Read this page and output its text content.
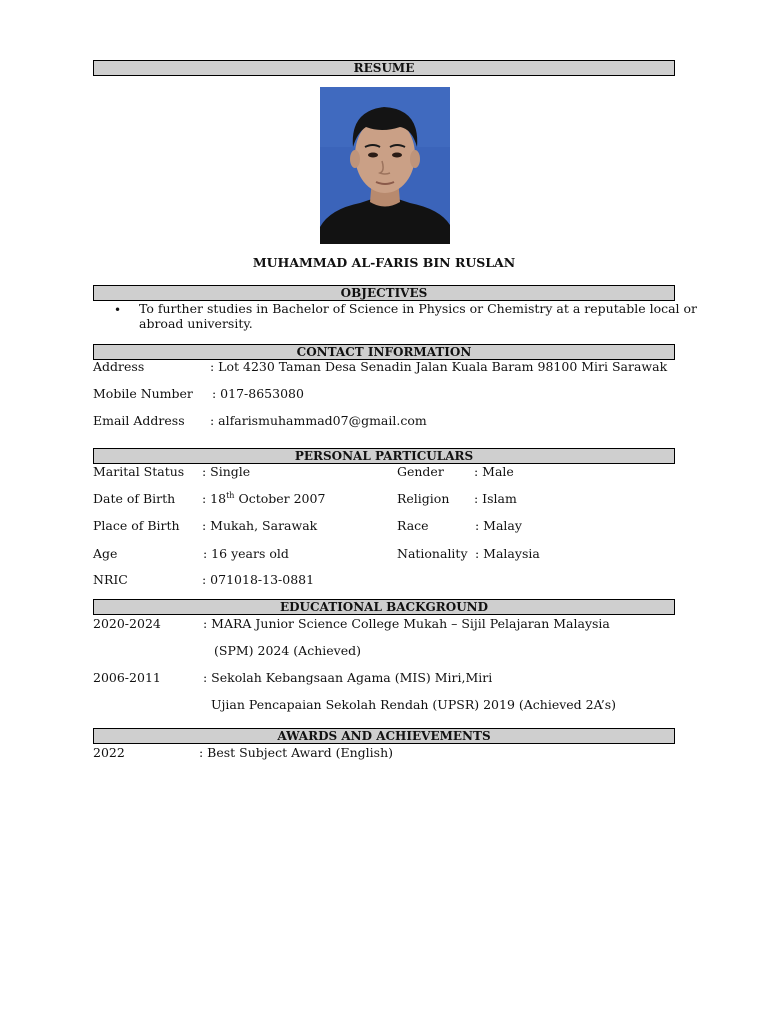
RESUME
MUHAMMAD AL-FARIS BIN RUSLAN
OBJECTIVES
• To further studies in Bachelor of Science in Physics or Chemistry at a reputable local or
abroad university.
CONTACT INFORMATION
Address	: Lot 4230 Taman Desa Senadin Jalan Kuala Baram 98100 Miri Sarawak
Mobile Number : 017-8653080
Email Address : alfarismuhammad07@gmail.com
PERSONAL PARTICULARS
Marital Status : Single	Gender : Male
Date of Birth : 18th October 2007	Religion : Islam
Place of Birth : Mukah, Sarawak	Race	: Malay
Age	: 16 years old	Nationality : Malaysia
NRIC	: 071018-13-0881
EDUCATIONAL BACKGROUND
2020-2024	: MARA Junior Science College Mukah – Sijil Pelajaran Malaysia
(SPM) 2024 (Achieved)
2006-2011	: Sekolah Kebangsaan Agama (MIS) Miri,Miri
Ujian Pencapaian Sekolah Rendah (UPSR) 2019 (Achieved 2A’s)
AWARDS AND ACHIEVEMENTS
2022	: Best Subject Award (English)
